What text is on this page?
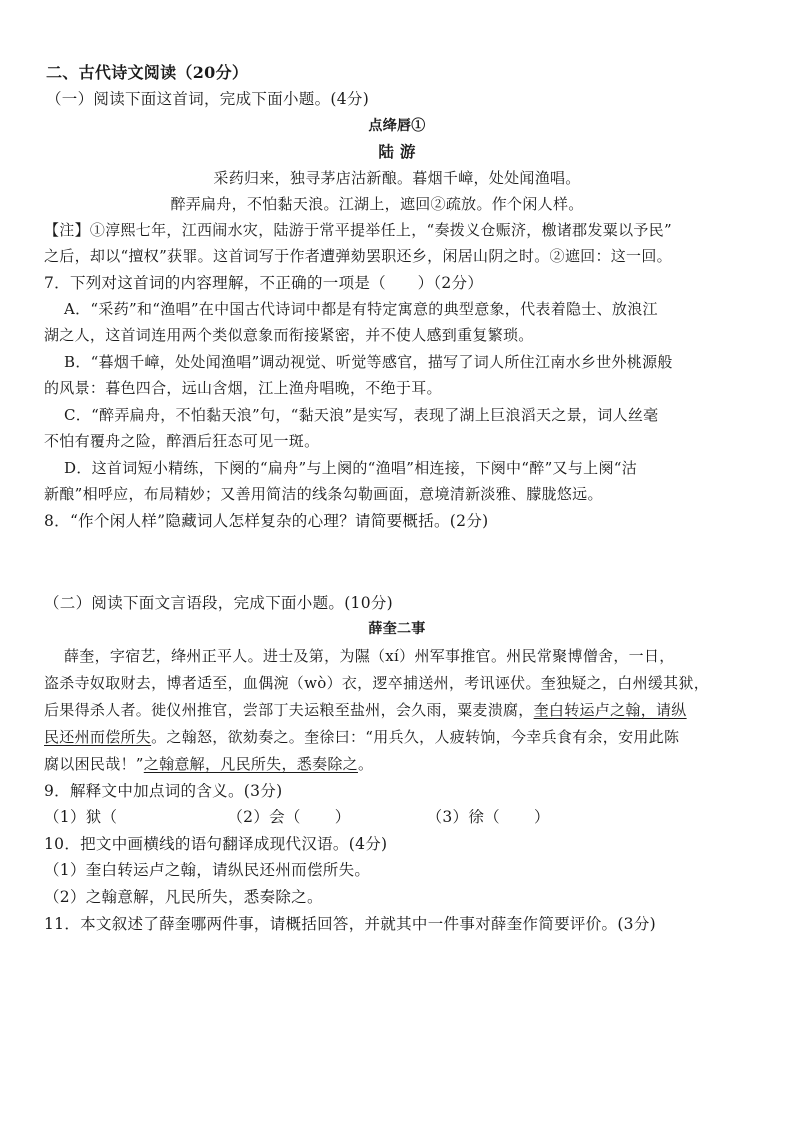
二、古代诗文阅读（20分）
（一）阅读下面这首词，完成下面小题。(4分)
点绛唇①
陆 游
采药归来，独寻茅店沽新酿。暮烟千嶂，处处闻渔唱。
醉弄扁舟，不怕黏天浪。江湖上，遮回②疏放。作个闲人样。
【注】①淳熙七年，江西闹水灾，陆游于常平提举任上，“奏拨义仓赈济，檄诸郡发粟以予民”
之后，却以“擅权”获罪。这首词写于作者遭弹劾罢职还乡，闲居山阴之时。②遮回：这一回。
7．下列对这首词的内容理解，不正确的一项是（　　）（2分）
A．“采药”和“渔唱”在中国古代诗词中都是有特定寓意的典型意象，代表着隐士、放浪江
湖之人，这首词连用两个类似意象而衔接紧密，并不使人感到重复繁琐。
B．“暮烟千嶂，处处闻渔唱”调动视觉、听觉等感官，描写了词人所住江南水乡世外桃源般
的风景：暮色四合，远山含烟，江上渔舟唱晚，不绝于耳。
C．“醉弄扁舟，不怕黏天浪”句，“黏天浪”是实写，表现了湖上巨浪滔天之景，词人丝毫
不怕有覆舟之险，醉酒后狂态可见一斑。
D．这首词短小精练，下阕的“扁舟”与上阕的“渔唱”相连接，下阕中“醉”又与上阕“沽
新酿”相呼应，布局精妙；又善用简洁的线条勾勒画面，意境清新淡雅、朦胧悠远。
8．“作个闲人样”隐藏词人怎样复杂的心理？请简要概括。(2分)
（二）阅读下面文言语段，完成下面小题。(10分)
薛奎二事
薛奎，字宿艺，绛州正平人。进士及第，为隰（xí）州军事推官。州民常聚博僧舍，一日，
盗杀寺奴取财去，博者适至，血偶涴（wò）衣，逻卒捕送州，考讯诬伏。奎独疑之，白州缓其狱，
后果得杀人者。徙仪州推官，尝部丁夫运粮至盐州，会久雨，粟麦溃腐，奎白转运卢之翰，请纵
民还州而偿所失。之翰怒，欲劾奏之。奎徐曰：“用兵久，人疲转饷，今幸兵食有余，安用此陈
腐以困民哉！”之翰意解，凡民所失，悉奏除之。
9．解释文中加点词的含义。(3分)
（1）狱（	（2）会（ ）	（3）徐（ ）
10．把文中画横线的语句翻译成现代汉语。(4分)
（1）奎白转运卢之翰，请纵民还州而偿所失。
（2）之翰意解，凡民所失，悉奏除之。
11．本文叙述了薛奎哪两件事，请概括回答，并就其中一件事对薛奎作简要评价。(3分)
